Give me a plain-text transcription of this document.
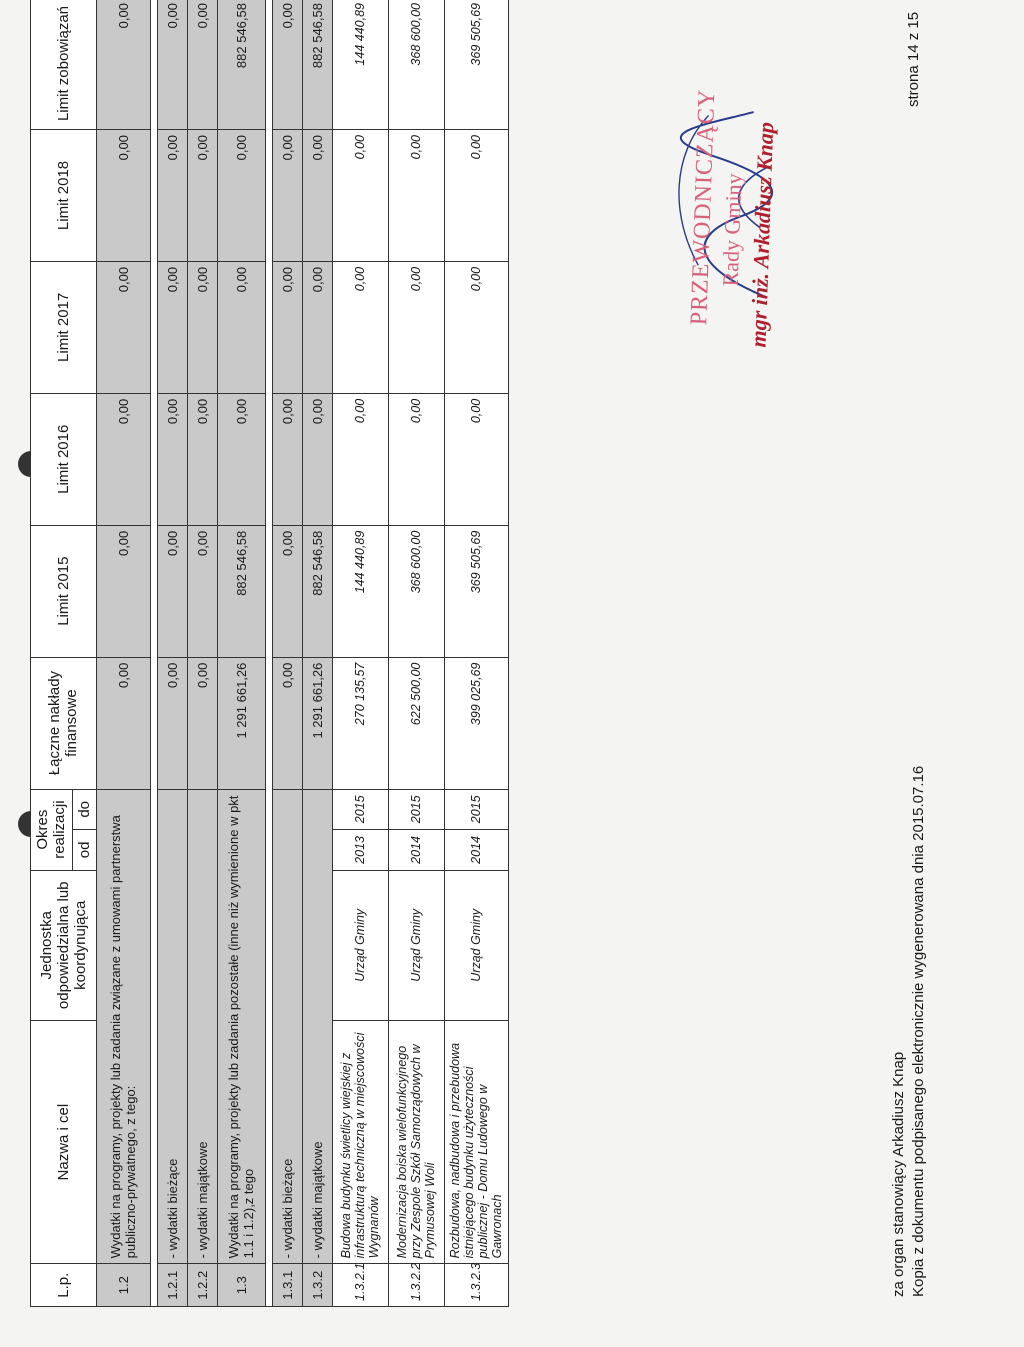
L.p.	Nazwa i cel	Jednostka odpowiedzialna lub koordynująca	Okres realizacji		Łączne nakłady finansowe	Limit 2015	Limit 2016	Limit 2017	Limit 2018	Limit zobowiązań
			od	do						
1.2	Wydatki na programy, projekty lub zadania związane z umowami partnerstwa publiczno-prywatnego, z tego:				0,00	0,00	0,00	0,00	0,00	0,00

1.2.1	- wydatki bieżące				0,00	0,00	0,00	0,00	0,00	0,00
1.2.2	- wydatki majątkowe				0,00	0,00	0,00	0,00	0,00	0,00
1.3	Wydatki na programy, projekty lub zadania pozostałe (inne niż wymienione w pkt 1.1 i 1.2),z tego				1 291 661,26	882 546,58	0,00	0,00	0,00	882 546,58

1.3.1	- wydatki bieżące				0,00	0,00	0,00	0,00	0,00	0,00
1.3.2	- wydatki majątkowe				1 291 661,26	882 546,58	0,00	0,00	0,00	882 546,58
1.3.2.1	Budowa budynku świetlicy wiejskiej z infrastrukturą techniczną w miejscowości Wygnanów	Urząd Gminy	2013	2015	270 135,57	144 440,89	0,00	0,00	0,00	144 440,89
1.3.2.2	Modernizacja boiska wielofunkcyjnego przy Zespole Szkół Samorządowych w Prymusowej Woli	Urząd Gminy	2014	2015	622 500,00	368 600,00	0,00	0,00	0,00	368 600,00
1.3.2.3	Rozbudowa, nadbudowa i przebudowa istniejącego budynku użyteczności publicznej - Domu Ludowego w Gawronach	Urząd Gminy	2014	2015	399 025,69	369 505,69	0,00	0,00	0,00	369 505,69
PRZEWODNICZĄCY
Rady Gminy
mgr inż. Arkadiusz Knap
za organ stanowiący Arkadiusz Knap Kopia z dokumentu podpisanego elektronicznie wygenerowana dnia 2015.07.16
strona 14 z 15
